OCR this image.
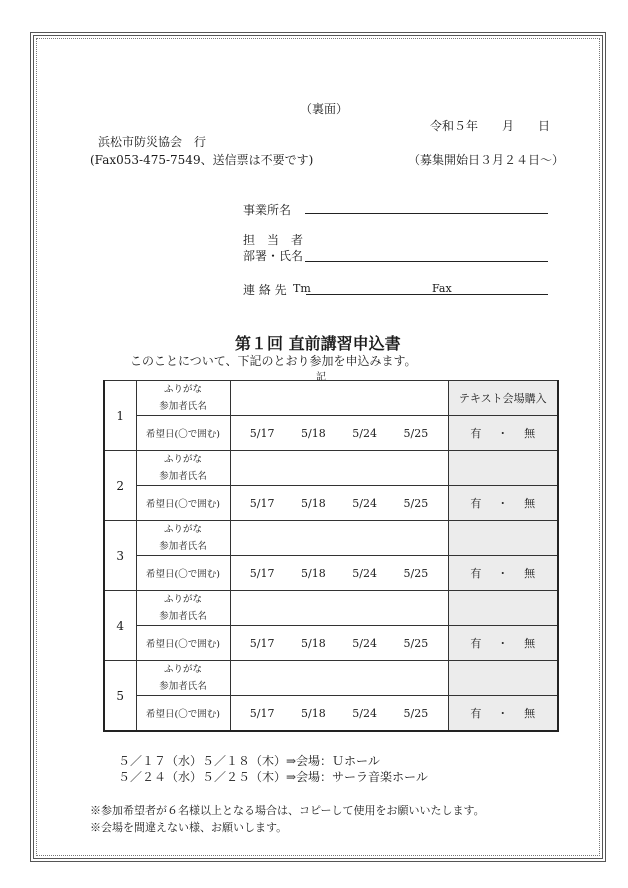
（裏面）
令和５年　　月　　日
浜松市防災協会　行
(Fax053-475-7549、送信票は不要です)	（募集開始日３月２４日～）
事業所名
担　当　者
部署・氏名
連 絡 先 Tm	Fax
第１回 直前講習申込書
このことについて、下記のとおり参加を申込みます。
記
1	ふりがな
参加者氏名		テキスト会場購入
	希望日(〇で囲む)	5/17 5/18 5/24 5/25	有 ・ 無

2	ふりがな
参加者氏名		

	希望日(〇で囲む)	5/17 5/18 5/24 5/25	有 ・ 無

3	ふりがな
参加者氏名		

	希望日(〇で囲む)	5/17 5/18 5/24 5/25	有 ・ 無

4	ふりがな
参加者氏名		

	希望日(〇で囲む)	5/17 5/18 5/24 5/25	有 ・ 無

5	ふりがな
参加者氏名		

	希望日(〇で囲む)	5/17 5/18 5/24 5/25	有 ・ 無
５／１７（水）５／１８（木）⇒会場：Ｕホール
５／２４（水）５／２５（木）⇒会場：サーラ音楽ホール
※参加希望者が６名様以上となる場合は、コピーして使用をお願いいたします。
※会場を間違えない様、お願いします。
